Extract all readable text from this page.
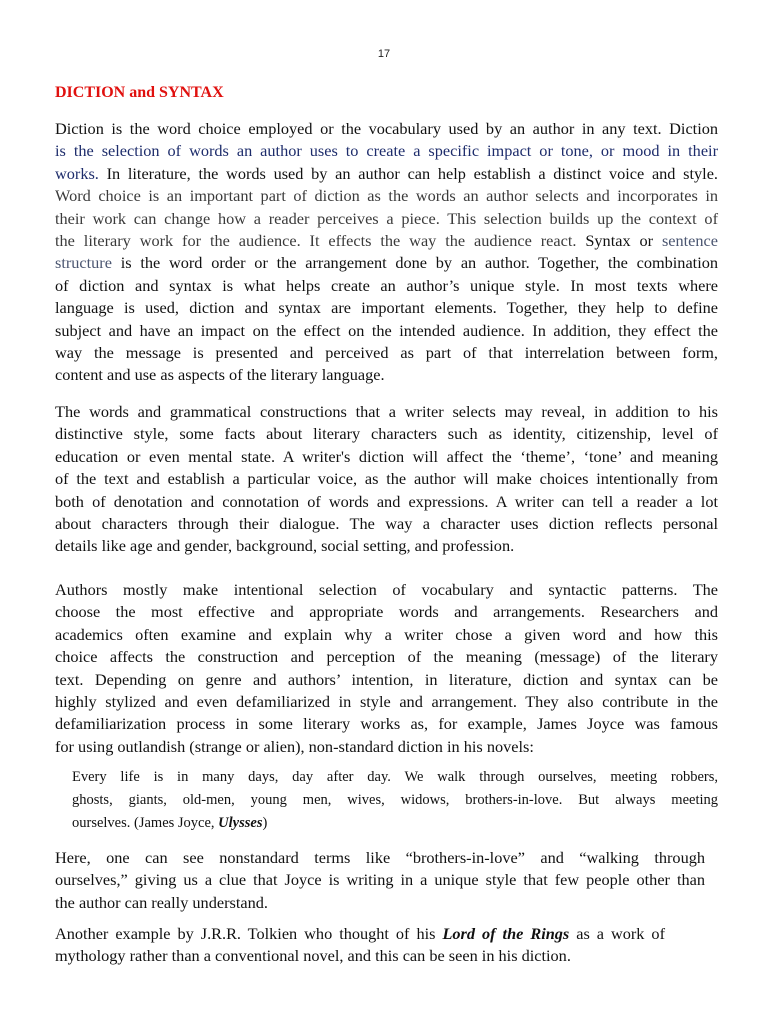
17
DICTION and SYNTAX
Diction is the word choice employed or the vocabulary used by an author in any text. Diction
is the selection of words an author uses to create a specific impact or tone, or mood in their
works. In literature, the words used by an author can help establish a distinct voice and style.
Word choice is an important part of diction as the words an author selects and incorporates in
their work can change how a reader perceives a piece. This selection builds up the context of
the literary work for the audience. It effects the way the audience react. Syntax or sentence
structure is the word order or the arrangement done by an author. Together, the combination
of diction and syntax is what helps create an author’s unique style. In most texts where
language is used, diction and syntax are important elements. Together, they help to define
subject and have an impact on the effect on the intended audience. In addition, they effect the
way the message is presented and perceived as part of that interrelation between form,
content and use as aspects of the literary language.
The words and grammatical constructions that a writer selects may reveal, in addition to his
distinctive style, some facts about literary characters such as identity, citizenship, level of
education or even mental state. A writer's diction will affect the ‘theme’, ‘tone’ and meaning
of the text and establish a particular voice, as the author will make choices intentionally from
both of denotation and connotation of words and expressions. A writer can tell a reader a lot
about characters through their dialogue. The way a character uses diction reflects personal
details like age and gender, background, social setting, and profession.
Authors mostly make intentional selection of vocabulary and syntactic patterns. The
choose the most effective and appropriate words and arrangements. Researchers and
academics often examine and explain why a writer chose a given word and how this
choice affects the construction and perception of the meaning (message) of the literary
text. Depending on genre and authors’ intention, in literature, diction and syntax can be
highly stylized and even defamiliarized in style and arrangement. They also contribute in the
defamiliarization process in some literary works as, for example, James Joyce was famous
for using outlandish (strange or alien), non-standard diction in his novels:
Every life is in many days, day after day. We walk through ourselves, meeting robbers,
ghosts, giants, old-men, young men, wives, widows, brothers-in-love. But always meeting
ourselves. (James Joyce, Ulysses)
Here, one can see nonstandard terms like “brothers-in-love” and “walking through
ourselves,” giving us a clue that Joyce is writing in a unique style that few people other than
the author can really understand.
Another example by J.R.R. Tolkien who thought of his Lord of the Rings as a work of
mythology rather than a conventional novel, and this can be seen in his diction.
